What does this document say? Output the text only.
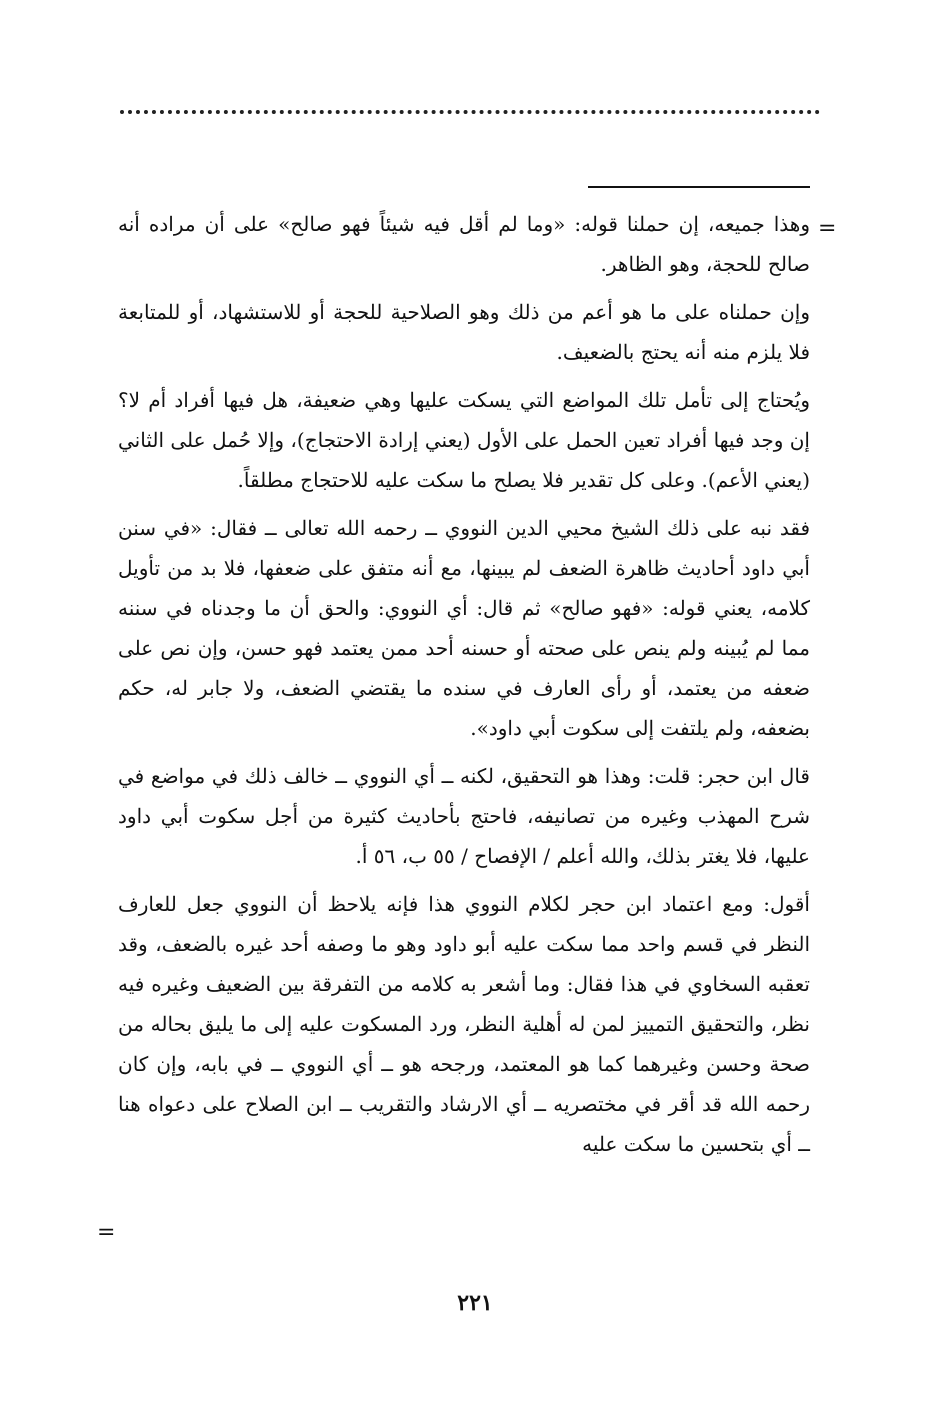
=

وهذا جميعه، إن حملنا قوله: «وما لم أقل فيه شيئاً فهو صالح» على أن مراده أنه صالح للحجة، وهو الظاهر.

وإن حملناه على ما هو أعم من ذلك وهو الصلاحية للحجة أو للاستشهاد، أو للمتابعة فلا يلزم منه أنه يحتج بالضعيف.

ويُحتاج إلى تأمل تلك المواضع التي يسكت عليها وهي ضعيفة، هل فيها أفراد أم لا؟ إن وجد فيها أفراد تعين الحمل على الأول (يعني إرادة الاحتجاج)، وإلا حُمل على الثاني (يعني الأعم). وعلى كل تقدير فلا يصلح ما سكت عليه للاحتجاج مطلقاً.

فقد نبه على ذلك الشيخ محيي الدين النووي ــ رحمه الله تعالى ــ فقال: «في سنن أبي داود أحاديث ظاهرة الضعف لم يبينها، مع أنه متفق على ضعفها، فلا بد من تأويل كلامه، يعني قوله: «فهو صالح» ثم قال: أي النووي: والحق أن ما وجدناه في سننه مما لم يُبينه ولم ينص على صحته أو حسنه أحد ممن يعتمد فهو حسن، وإن نص على ضعفه من يعتمد، أو رأى العارف في سنده ما يقتضي الضعف، ولا جابر له، حكم بضعفه، ولم يلتفت إلى سكوت أبي داود».

قال ابن حجر: قلت: وهذا هو التحقيق، لكنه ــ أي النووي ــ خالف ذلك في مواضع في شرح المهذب وغيره من تصانيفه، فاحتج بأحاديث كثيرة من أجل سكوت أبي داود عليها، فلا يغتر بذلك، والله أعلم / الإفصاح / ٥٥ ب، ٥٦ أ.

أقول: ومع اعتماد ابن حجر لكلام النووي هذا فإنه يلاحظ أن النووي جعل للعارف النظر في قسم واحد مما سكت عليه أبو داود وهو ما وصفه أحد غيره بالضعف، وقد تعقبه السخاوي في هذا فقال: وما أشعر به كلامه من التفرقة بين الضعيف وغيره فيه نظر، والتحقيق التمييز لمن له أهلية النظر، ورد المسكوت عليه إلى ما يليق بحاله من صحة وحسن وغيرهما كما هو المعتمد، ورجحه هو ــ أي النووي ــ في بابه، وإن كان رحمه الله قد أقر في مختصريه ــ أي الارشاد والتقريب ــ ابن الصلاح على دعواه هنا ــ أي بتحسين ما سكت عليه

=
٢٢١
